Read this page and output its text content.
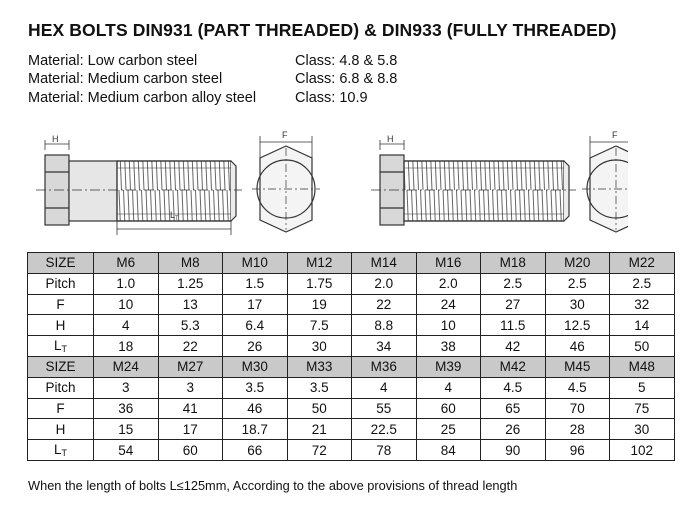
HEX BOLTS DIN931 (PART THREADED) & DIN933 (FULLY THREADED)
Material: Low carbon steel	Class: 4.8 & 5.8
Material: Medium carbon steel	Class: 6.8 & 8.8
Material: Medium carbon alloy steel	Class: 10.9
H
$L_T$
F	H	F
SIZE	M6	M8	M10	M12	M14	M16	M18	M20	M22
Pitch	1.0	1.25	1.5	1.75	2.0	2.0	2.5	2.5	2.5
F	10	13	17	19	22	24	27	30	32
H	4	5.3	6.4	7.5	8.8	10	11.5	12.5	14
$L_T$	18	22	26	30	34	38	42	46	50
SIZE	M24	M27	M30	M33	M36	M39	M42	M45	M48
Pitch	3	3	3.5	3.5	4	4	4.5	4.5	5
F	36	41	46	50	55	60	65	70	75
H	15	17	18.7	21	22.5	25	26	28	30
$L_T$	54	60	66	72	78	84	90	96	102
When the length of bolts L≤125mm, According to the above provisions of thread length
